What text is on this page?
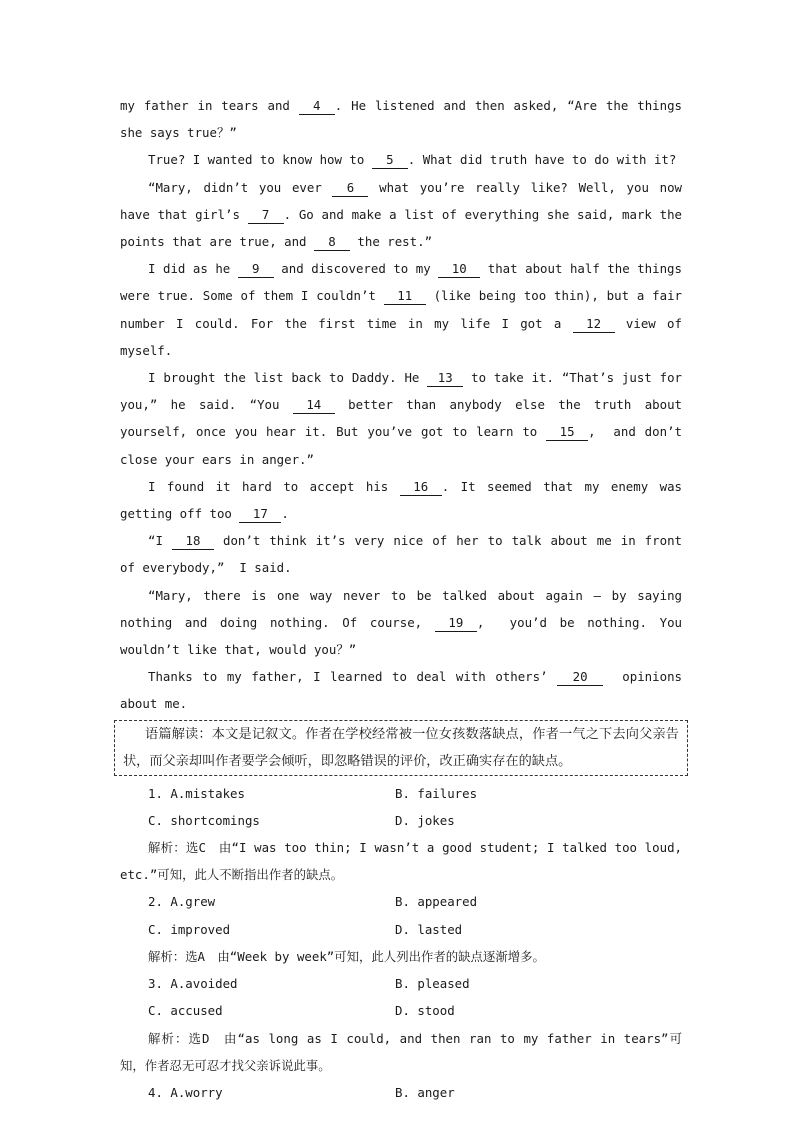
my father in tears and 4 . He listened and then asked, “Are the things she says true？”

True? I wanted to know how to 5 . What did truth have to do with it?

“Mary, didn’t you ever 6 what you’re really like? Well, you now have that girl’s 7 . Go and make a list of everything she said, mark the points that are true, and 8 the rest.”

I did as he 9 and discovered to my 10 that about half the things were true. Some of them I couldn’t 11 (like being too thin), but a fair number I could. For the first time in my life I got a 12 view of myself.

I brought the list back to Daddy. He 13 to take it. “That’s just for you,” he said. “You 14 better than anybody else the truth about yourself, once you hear it. But you’ve got to learn to 15 ,  and don’t close your ears in anger.”

I found it hard to accept his 16 . It seemed that my enemy was getting off too 17 .

“I 18 don’t think it’s very nice of her to talk about me in front of everybody,”  I said.

“Mary, there is one way never to be talked about again — by saying nothing and doing nothing. Of course, 19 ,  you’d be nothing. You wouldn’t like that, would you？”

Thanks to my father, I learned to deal with others’ 20  opinions about me.

语篇解读：本文是记叙文。作者在学校经常被一位女孩数落缺点，作者一气之下去向父亲告状，而父亲却叫作者要学会倾听，即忽略错误的评价，改正确实存在的缺点。

1. A.mistakes	B. failures
C. shortcomings	D. jokes

解析：选C　由“I was too thin; I wasn’t a good student; I talked too loud, etc.”可知，此人不断指出作者的缺点。

2. A.grew	B. appeared
C. improved	D. lasted

解析：选A　由“Week by week”可知，此人列出作者的缺点逐渐增多。

3. A.avoided	B. pleased
C. accused	D. stood

解析：选D　由“as long as I could, and then ran to my father in tears”可知，作者忍无可忍才找父亲诉说此事。

4. A.worry	B. anger
